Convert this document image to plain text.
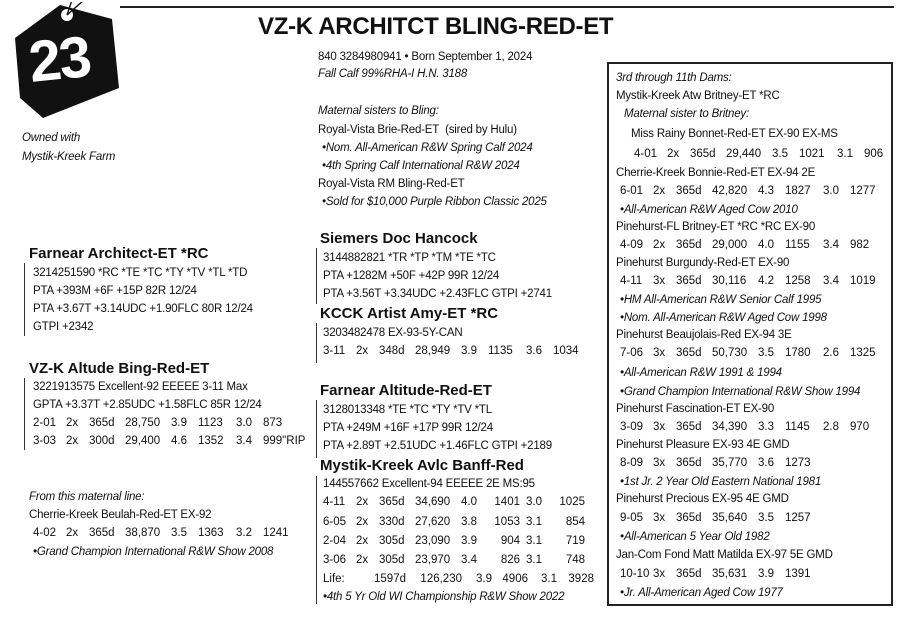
23
Owned with
Mystik-Kreek Farm
VZ-K ARCHITCT BLING-RED-ET
840 3284980941 • Born September 1, 2024
Fall Calf 99%RHA-I H.N. 3188
Maternal sisters to Bling:
Royal-Vista Brie-Red-ET (sired by Hulu)
•Nom. All-American R&W Spring Calf 2024
•4th Spring Calf International R&W 2024
Royal-Vista RM Bling-Red-ET
•Sold for $10,000 Purple Ribbon Classic 2025
Farnear Architect-ET *RC
3214251590 *RC *TE *TC *TY *TV *TL *TD
PTA +393M +6F +15P 82R 12/24
PTA +3.67T +3.14UDC +1.90FLC 80R 12/24
GTPI +2342
VZ-K Altude Bing-Red-ET
3221913575 Excellent-92 EEEEE 3-11 Max
GPTA +3.37T +2.85UDC +1.58FLC 85R 12/24
2-01 2x 365d 28,750 3.9 1123	3.0 873
3-03 2x 300d 29,400 4.6 1352	3.4 999"RIP
From this maternal line:
Cherrie-Kreek Beulah-Red-ET EX-92
4-02 2x 365d 38,870 3.5 1363	3.2 1241
•Grand Champion International R&W Show 2008
Siemers Doc Hancock
3144882821 *TR *TP *TM *TE *TC
PTA +1282M +50F +42P 99R 12/24
PTA +3.56T +3.34UDC +2.43FLC GTPI +2741
KCCK Artist Amy-ET *RC
3203482478 EX-93-5Y-CAN
3-11 2x 348d 28,949 3.9 1135	3.6 1034
Farnear Altitude-Red-ET
3128013348 *TE *TC *TY *TV *TL
PTA +249M +16F +17P 99R 12/24
PTA +2.89T +2.51UDC +1.46FLC GTPI +2189
Mystik-Kreek Avlc Banff-Red
144557662 Excellent-94 EEEEE 2E MS:95
4-11 2x 365d 34,690 4.0	1401 3.0	1025
6-05 2x 330d 27,620 3.8	1053 3.1	854
2-04 2x 305d 23,090 3.9	904 3.1	719
3-06 2x 305d 23,970 3.4	826 3.1	748
Life:	1597d	126,230	3.9 4906	3.1 3928
•4th 5 Yr Old WI Championship R&W Show 2022
3rd through 11th Dams:
Mystik-Kreek Atw Britney-ET *RC
Maternal sister to Britney:
Miss Rainy Bonnet-Red-ET EX-90 EX-MS
4-01 2x 365d 29,440 3.5 1021	3.1 906
Cherrie-Kreek Bonnie-Red-ET EX-94 2E
6-01 2x 365d 42,820 4.3 1827	3.0 1277
•All-American R&W Aged Cow 2010
Pinehurst-FL Britney-ET *RC *RC EX-90
4-09 2x 365d 29,000 4.0 1155	3.4 982
Pinehurst Burgundy-Red-ET EX-90
4-11 3x 365d 30,116	4.2 1258	3.4 1019
•HM All-American R&W Senior Calf 1995
•Nom. All-American R&W Aged Cow 1998
Pinehurst Beaujolais-Red EX-94 3E
7-06 3x 365d 50,730 3.5 1780	2.6 1325
•All-American R&W 1991 & 1994
•Grand Champion International R&W Show 1994
Pinehurst Fascination-ET EX-90
3-09 3x 365d 34,390 3.3 1145	2.8 970
Pinehurst Pleasure EX-93 4E GMD
8-09 3x 365d 35,770 3.6 1273
•1st Jr. 2 Year Old Eastern National 1981
Pinehurst Precious EX-95 4E GMD
9-05 3x 365d 35,640 3.5 1257
•All-American 5 Year Old 1982
Jan-Com Fond Matt Matilda EX-97 5E GMD
10-10 3x 365d 35,631 3.9 1391
•Jr. All-American Aged Cow 1977
